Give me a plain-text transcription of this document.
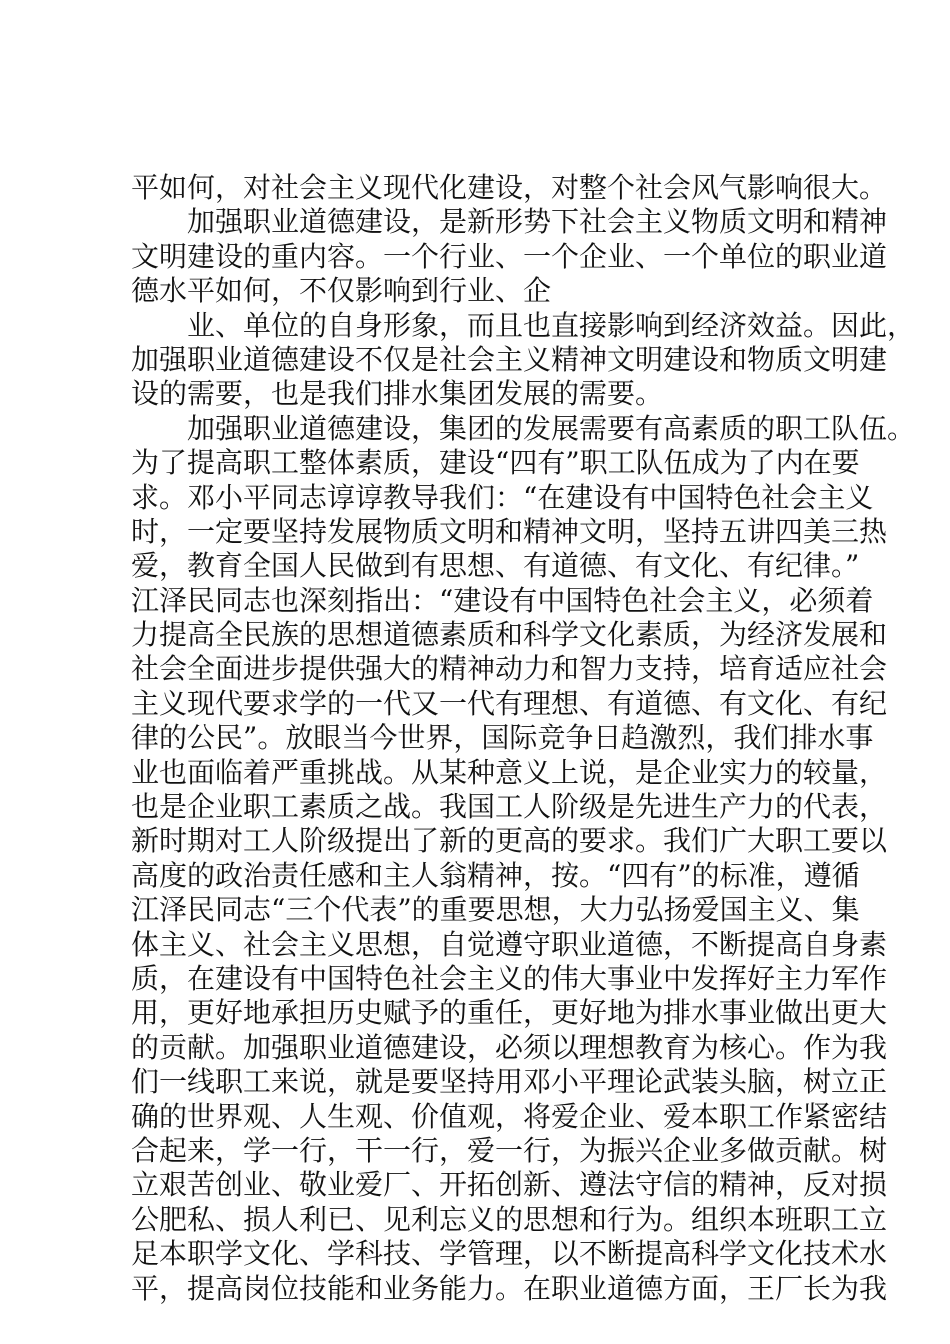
平如何，对社会主义现代化建设，对整个社会风气影响很大。
加强职业道德建设，是新形势下社会主义物质文明和精神
文明建设的重内容。一个行业、一个企业、一个单位的职业道
德水平如何，不仅影响到行业、企
业、单位的自身形象，而且也直接影响到经济效益。因此，
加强职业道德建设不仅是社会主义精神文明建设和物质文明建
设的需要，也是我们排水集团发展的需要。
加强职业道德建设，集团的发展需要有高素质的职工队伍。
为了提高职工整体素质，建设“四有”职工队伍成为了内在要
求。邓小平同志谆谆教导我们：“在建设有中国特色社会主义
时，一定要坚持发展物质文明和精神文明，坚持五讲四美三热
爱，教育全国人民做到有思想、有道德、有文化、有纪律。”
江泽民同志也深刻指出：“建设有中国特色社会主义，必须着
力提高全民族的思想道德素质和科学文化素质，为经济发展和
社会全面进步提供强大的精神动力和智力支持，培育适应社会
主义现代要求学的一代又一代有理想、有道德、有文化、有纪
律的公民”。放眼当今世界，国际竞争日趋激烈，我们排水事
业也面临着严重挑战。从某种意义上说，是企业实力的较量，
也是企业职工素质之战。我国工人阶级是先进生产力的代表，
新时期对工人阶级提出了新的更高的要求。我们广大职工要以
高度的政治责任感和主人翁精神，按。“四有”的标准，遵循
江泽民同志“三个代表”的重要思想，大力弘扬爱国主义、集
体主义、社会主义思想，自觉遵守职业道德，不断提高自身素
质，在建设有中国特色社会主义的伟大事业中发挥好主力军作
用，更好地承担历史赋予的重任，更好地为排水事业做出更大
的贡献。加强职业道德建设，必须以理想教育为核心。作为我
们一线职工来说，就是要坚持用邓小平理论武装头脑，树立正
确的世界观、人生观、价值观，将爱企业、爱本职工作紧密结
合起来，学一行，干一行，爱一行，为振兴企业多做贡献。树
立艰苦创业、敬业爱厂、开拓创新、遵法守信的精神，反对损
公肥私、损人利已、见利忘义的思想和行为。组织本班职工立
足本职学文化、学科技、学管理，以不断提高科学文化技术水
平，提高岗位技能和业务能力。在职业道德方面，王厂长为我
